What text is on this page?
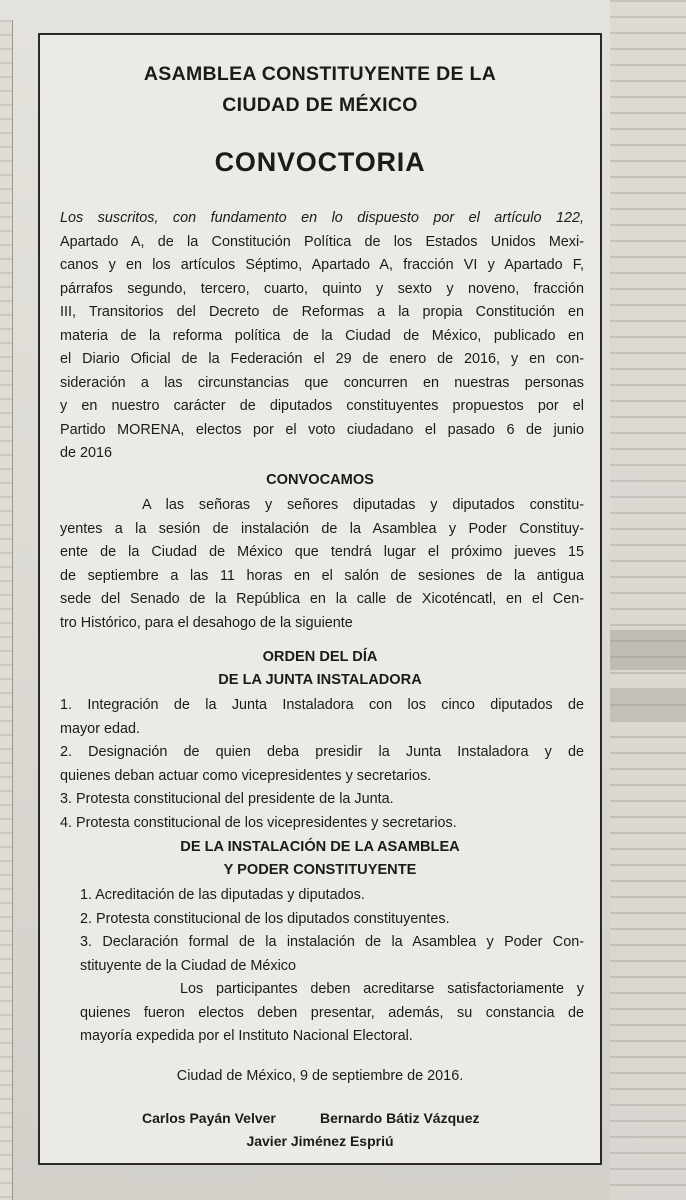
ASAMBLEA CONSTITUYENTE DE LA
CIUDAD DE MÉXICO
CONVOCTORIA
Los suscritos, con fundamento en lo dispuesto por el artículo 122,
Apartado A, de la Constitución Política de los Estados Unidos Mexi-
canos y en los artículos Séptimo, Apartado A, fracción VI y Apartado F,
párrafos segundo, tercero, cuarto, quinto y sexto y noveno, fracción
III, Transitorios del Decreto de Reformas a la propia Constitución en
materia de la reforma política de la Ciudad de México, publicado en
el Diario Oficial de la Federación el 29 de enero de 2016, y en con-
sideración a las circunstancias que concurren en nuestras personas
y en nuestro carácter de diputados constituyentes propuestos por el
Partido MORENA, electos por el voto ciudadano el pasado 6 de junio
de 2016
CONVOCAMOS
A las señoras y señores diputadas y diputados constitu-
yentes a la sesión de instalación de la Asamblea y Poder Constituy-
ente de la Ciudad de México que tendrá lugar el próximo jueves 15
de septiembre a las 11 horas en el salón de sesiones de la antigua
sede del Senado de la República en la calle de Xicoténcatl, en el Cen-
tro Histórico, para el desahogo de la siguiente
ORDEN DEL DÍA
DE LA JUNTA INSTALADORA
1. Integración de la Junta Instaladora con los cinco diputados de
mayor edad.
2. Designación de quien deba presidir la Junta Instaladora y de
quienes deban actuar como vicepresidentes y secretarios.
3. Protesta constitucional del presidente de la Junta.
4. Protesta constitucional de los vicepresidentes y secretarios.
DE LA INSTALACIÓN DE LA ASAMBLEA
Y PODER CONSTITUYENTE
1. Acreditación de las diputadas y diputados.
2. Protesta constitucional de los diputados constituyentes.
3. Declaración formal de la instalación de la Asamblea y Poder Con-
stituyente de la Ciudad de México
Los participantes deben acreditarse satisfactoriamente y
quienes fueron electos deben presentar, además, su constancia de
mayoría expedida por el Instituto Nacional Electoral.
Ciudad de México, 9 de septiembre de 2016.
Carlos Payán Velver	Bernardo Bátiz Vázquez
Javier Jiménez Espriú
